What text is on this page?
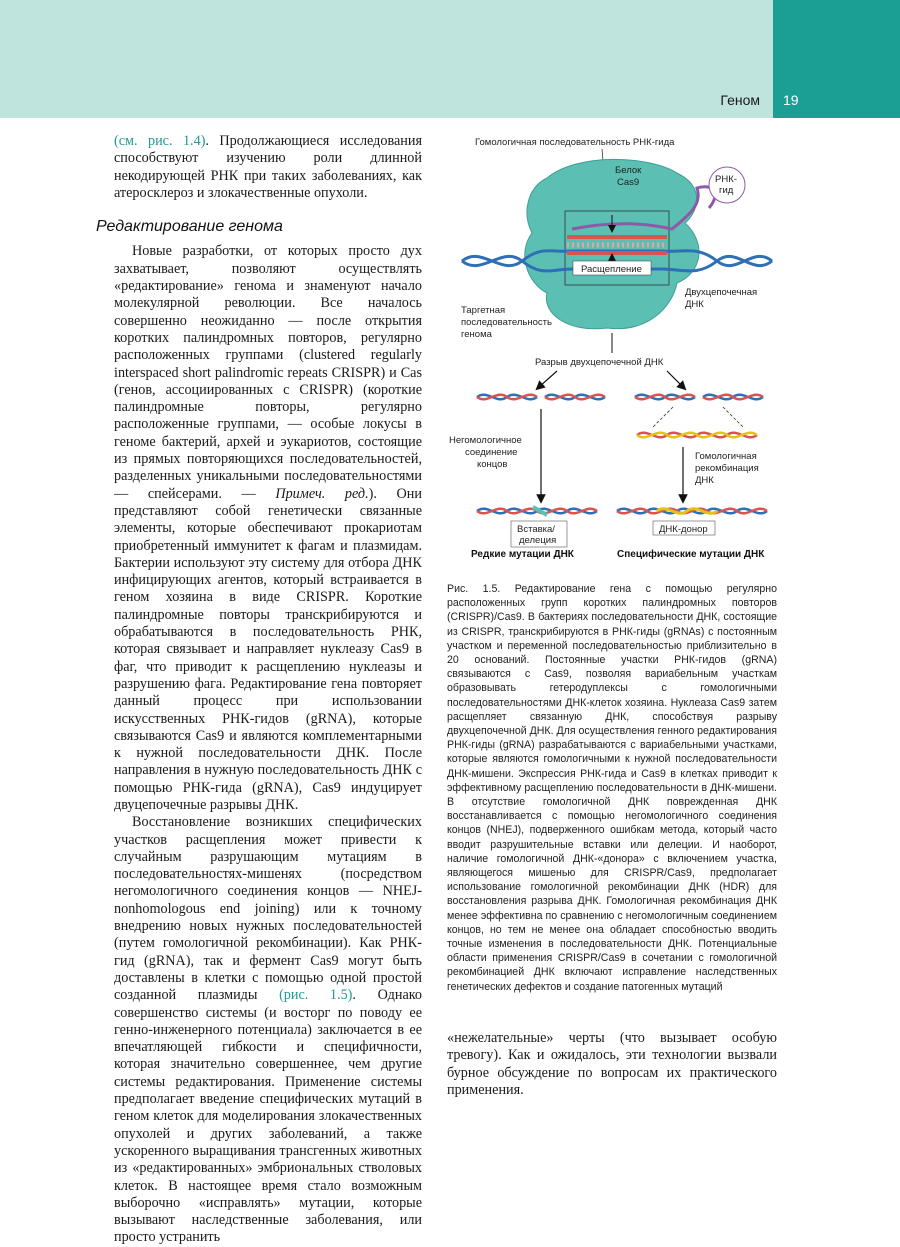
Геном 19

(см. рис. 1.4). Продолжающиеся исследования способствуют изучению роли длинной некодирующей РНК при таких заболеваниях, как атеросклероз и злокачественные опухоли.

Редактирование генома

Новые разработки, от которых просто дух захватывает, позволяют осуществлять «редактирование» генома и знаменуют начало молекулярной революции. Все началось совершенно неожиданно — после открытия коротких палиндромных повторов, регулярно расположенных группами (clustered regularly interspaced short palindromic repeats CRISPR) и Cas (генов, ассоциированных с CRISPR) (короткие палиндромные повторы, регулярно расположенные группами, — особые локусы в геноме бактерий, архей и эукариотов, состоящие из прямых повторяющихся последовательностей, разделенных уникальными последовательностями — спейсерами. — Примеч. ред.). Они представляют собой генетически связанные элементы, которые обеспечивают прокариотам приобретенный иммунитет к фагам и плазмидам. Бактерии используют эту систему для отбора ДНК инфицирующих агентов, который встраивается в геном хозяина в виде CRISPR. Короткие палиндромные повторы транскрибируются и обрабатываются в последовательность РНК, которая связывает и направляет нуклеазу Cas9 в фаг, что приводит к расщеплению нуклеазы и разрушению фага. Редактирование гена повторяет данный процесс при использовании искусственных РНК-гидов (gRNA), которые связываются Cas9 и являются комплементарными к нужной последовательности ДНК. После направления в нужную последовательность ДНК с помощью РНК-гида (gRNA), Cas9 индуцирует двуцепочечные разрывы ДНК.

Восстановление возникших специфических участков расщепления может привести к случайным разрушающим мутациям в последовательностях-мишенях (посредством негомологичного соединения концов — NHEJ-nonhomologous end joining) или к точному внедрению новых нужных последовательностей (путем гомологичной рекомбинации). Как РНК-гид (gRNA), так и фермент Cas9 могут быть доставлены в клетки с помощью одной простой созданной плазмиды (рис. 1.5). Однако совершенство системы (и восторг по поводу ее генно-инженерного потенциала) заключается в ее впечатляющей гибкости и специфичности, которая значительно совершеннее, чем другие системы редактирования. Применение системы предполагает введение специфических мутаций в геном клеток для моделирования злокачественных опухолей и других заболеваний, а также ускоренного выращивания трансгенных животных из «редактированных» эмбриональных стволовых клеток. В настоящее время стало возможным выборочно «исправлять» мутации, которые вызывают наследственные заболевания, или просто устранить

Гомологичная последовательность РНК-гида
Белок
Cas9	РНК-
гид
Расщепление
Таргетная
последовательность
генома
Двухцепочечная
ДНК
Разрыв двухцепочечной ДНК
Негомологичное
соединение
концов
Гомологичная
рекомбинация
ДНК
Вставка/
делеция
ДНК-донор
Редкие мутации ДНК	Специфические мутации ДНК
Рис. 1.5. Редактирование гена с помощью регулярно расположенных групп коротких палиндромных повторов (CRISPR)/Cas9. В бактериях последовательности ДНК, состоящие из CRISPR, транскрибируются в РНК-гиды (gRNAs) с постоянным участком и переменной последовательностью приблизительно в 20 оснований. Постоянные участки РНК-гидов (gRNA) связываются с Cas9, позволяя вариабельным участкам образовывать гетеродуплексы с гомологичными последовательностями ДНК-клеток хозяина. Нуклеаза Cas9 затем расщепляет связанную ДНК, способствуя разрыву двухцепочечной ДНК. Для осуществления генного редактирования РНК-гиды (gRNA) разрабатываются с вариабельными участками, которые являются гомологичными к нужной последовательности ДНК-мишени. Экспрессия РНК-гида и Cas9 в клетках приводит к эффективному расщеплению последовательности в ДНК-мишени. В отсутствие гомологичной ДНК поврежденная ДНК восстанавливается с помощью негомологичного соединения концов (NHEJ), подверженного ошибкам метода, который часто вводит разрушительные вставки или делеции. И наоборот, наличие гомологичной ДНК-«донора» с включением участка, являющегося мишенью для CRISPR/Cas9, предполагает использование гомологичной рекомбинации ДНК (HDR) для восстановления разрыва ДНК. Гомологичная рекомбинация ДНК менее эффективна по сравнению с негомологичным соединением концов, но тем не менее она обладает способностью вводить точные изменения в последовательности ДНК. Потенциальные области применения CRISPR/Cas9 в сочетании с гомологичной рекомбинацией ДНК включают исправление наследственных генетических дефектов и создание патогенных мутаций

«нежелательные» черты (что вызывает особую тревогу). Как и ожидалось, эти технологии вызвали бурное обсуждение по вопросам их практического применения.
